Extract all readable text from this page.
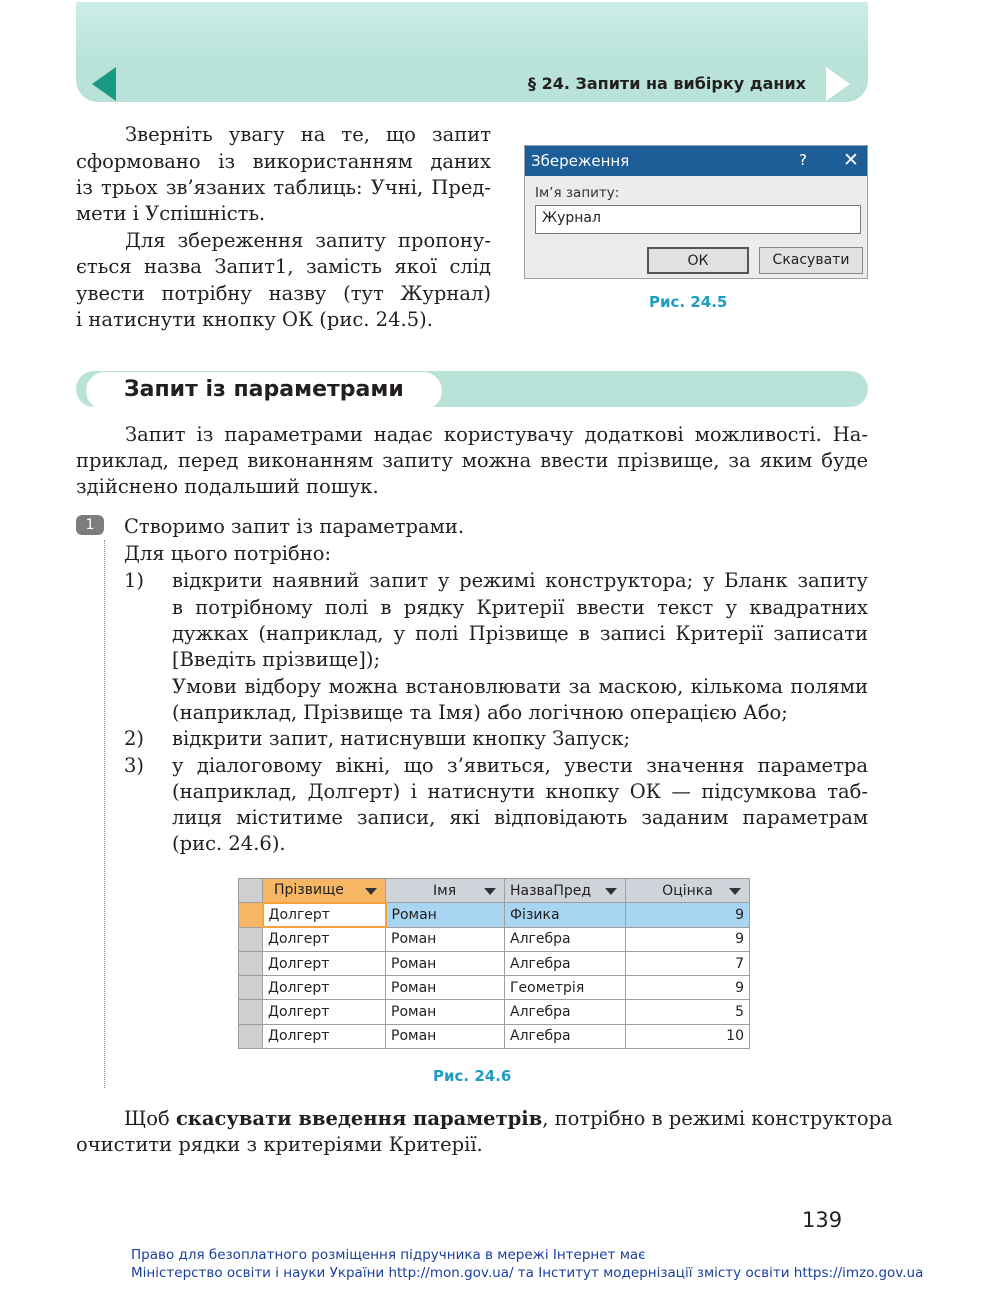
§ 24. Запити на вибірку даних
Зверніть увагу на те, що запит
сформовано із використанням даних
із трьох зв’язаних таблиць: Учні, Пред-
мети і Успішність.
Для збереження запиту пропону-
ється назва Запит1, замість якої слід
увести потрібну назву (тут Журнал)
і натиснути кнопку ОК (рис. 24.5).
Збереження	? ✕
Ім’я запиту:
Журнал
ОК	Скасувати
Рис. 24.5
Запит із параметрами
Запит із параметрами надає користувачу додаткові можливості. На-
приклад, перед виконанням запиту можна ввести прізвище, за яким буде
здійснено подальший пошук.
1	Створимо запит із параметрами.
Для цього потрібно:
1) відкрити наявний запит у режимі конструктора; у Бланк запиту
в потрібному полі в рядку Критерії ввести текст у квадратних
дужках (наприклад, у полі Прізвище в записі Критерії записати
[Введіть прізвище]);
Умови відбору можна встановлювати за маскою, кількома полями
(наприклад, Прізвище та Імя) або логічною операцією Або;
2) відкрити запит, натиснувши кнопку Запуск;
3) у діалоговому вікні, що з’явиться, увести значення параметра
(наприклад, Долгерт) і натиснути кнопку ОК — підсумкова таб-
лиця міститиме записи, які відповідають заданим параметрам
(рис. 24.6).
	Прізвище	Імя	НазваПред	Оцінка

	Долгерт	Роман	Фізика	9
	Долгерт	Роман	Алгебра	9
	Долгерт	Роман	Алгебра	7
	Долгерт	Роман	Геометрія	9
	Долгерт	Роман	Алгебра	5
	Долгерт	Роман	Алгебра	10
Рис. 24.6
Щоб скасувати введення параметрів, потрібно в режимі конструктора
очистити рядки з критеріями Критерії.
139
Право для безоплатного розміщення підручника в мережі Інтернет має
Міністерство освіти і науки України http://mon.gov.ua/ та Інститут модернізації змісту освіти https://imzo.gov.ua
